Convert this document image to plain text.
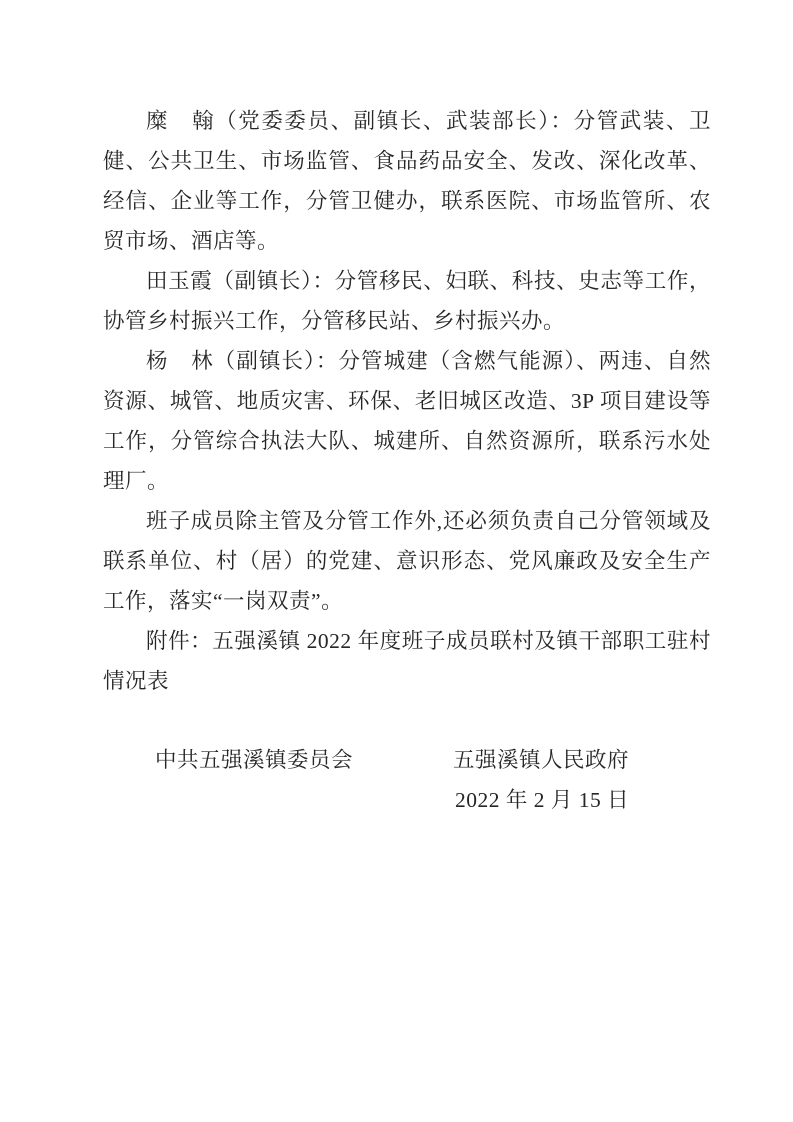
糜　翰（党委委员、副镇长、武装部长）：分管武装、卫健、公共卫生、市场监管、食品药品安全、发改、深化改革、经信、企业等工作，分管卫健办，联系医院、市场监管所、农贸市场、酒店等。

田玉霞（副镇长）：分管移民、妇联、科技、史志等工作，协管乡村振兴工作，分管移民站、乡村振兴办。

杨　林（副镇长）：分管城建（含燃气能源）、两违、自然资源、城管、地质灾害、环保、老旧城区改造、3P 项目建设等工作，分管综合执法大队、城建所、自然资源所，联系污水处理厂。

班子成员除主管及分管工作外,还必须负责自己分管领域及联系单位、村（居）的党建、意识形态、党风廉政及安全生产工作，落实“一岗双责”。

附件：五强溪镇 2022 年度班子成员联村及镇干部职工驻村情况表

中共五强溪镇委员会	五强溪镇人民政府
2022 年 2 月 15 日
